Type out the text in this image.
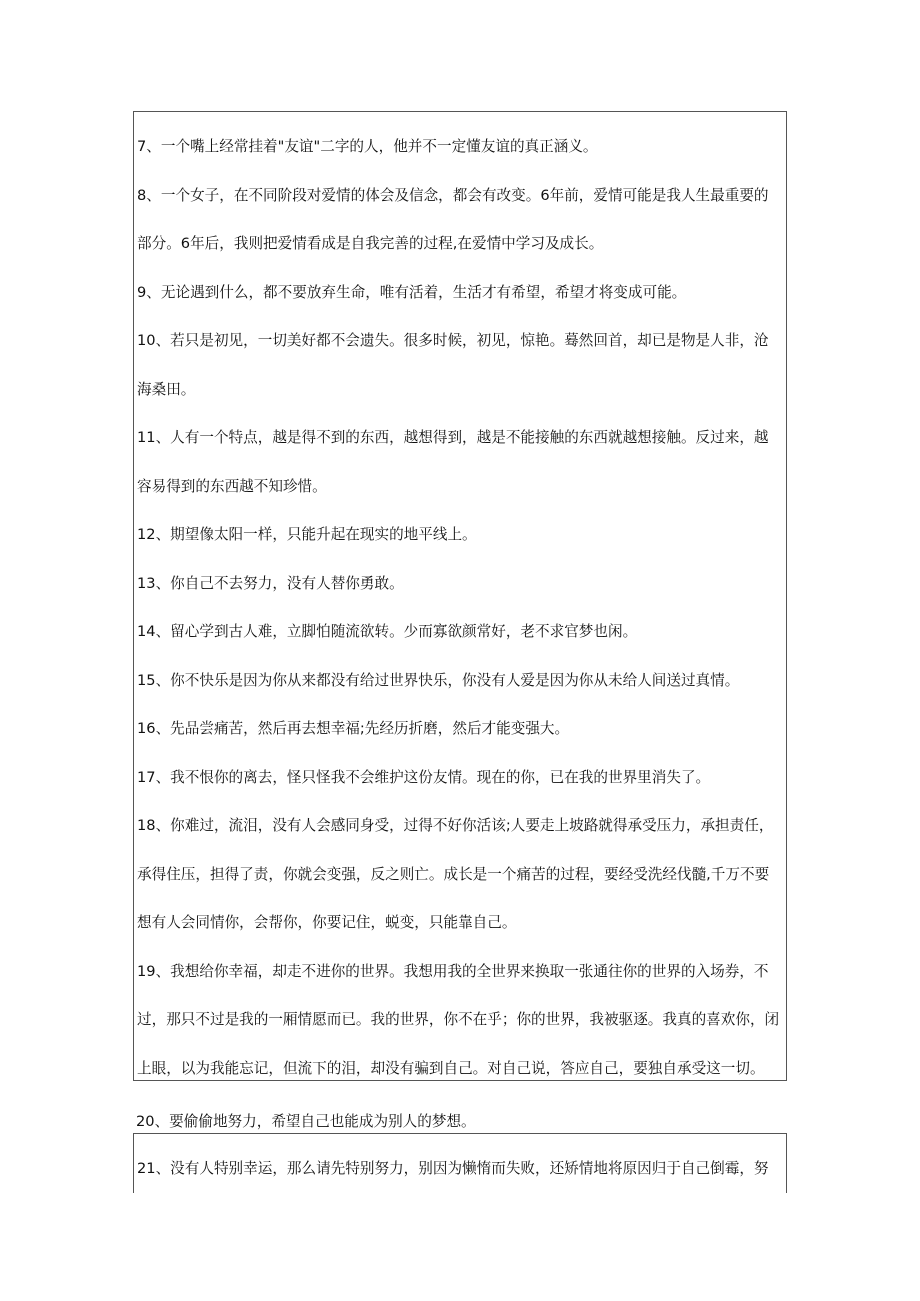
7、一个嘴上经常挂着"友谊"二字的人，他并不一定懂友谊的真正涵义。
8、一个女子，在不同阶段对爱情的体会及信念，都会有改变。6年前，爱情可能是我人生最重要的
部分。6年后，我则把爱情看成是自我完善的过程,在爱情中学习及成长。
9、无论遇到什么，都不要放弃生命，唯有活着，生活才有希望，希望才将变成可能。
10、若只是初见，一切美好都不会遗失。很多时候，初见，惊艳。蓦然回首，却已是物是人非，沧
海桑田。
11、人有一个特点，越是得不到的东西，越想得到，越是不能接触的东西就越想接触。反过来，越
容易得到的东西越不知珍惜。
12、期望像太阳一样，只能升起在现实的地平线上。
13、你自己不去努力，没有人替你勇敢。
14、留心学到古人难，立脚怕随流欲转。少而寡欲颜常好，老不求官梦也闲。
15、你不快乐是因为你从来都没有给过世界快乐，你没有人爱是因为你从未给人间送过真情。
16、先品尝痛苦，然后再去想幸福;先经历折磨，然后才能变强大。
17、我不恨你的离去，怪只怪我不会维护这份友情。现在的你，已在我的世界里消失了。
18、你难过，流泪，没有人会感同身受，过得不好你活该;人要走上坡路就得承受压力，承担责任，
承得住压，担得了责，你就会变强，反之则亡。成长是一个痛苦的过程，要经受洗经伐髓,千万不要
想有人会同情你，会帮你，你要记住，蜕变，只能靠自己。
19、我想给你幸福，却走不进你的世界。我想用我的全世界来换取一张通往你的世界的入场券，不
过，那只不过是我的一厢情愿而已。我的世界，你不在乎；你的世界，我被驱逐。我真的喜欢你，闭
上眼，以为我能忘记，但流下的泪，却没有骗到自己。对自己说，答应自己，要独自承受这一切。
20、要偷偷地努力，希望自己也能成为别人的梦想。
21、没有人特别幸运，那么请先特别努力，别因为懒惰而失败，还矫情地将原因归于自己倒霉，努
